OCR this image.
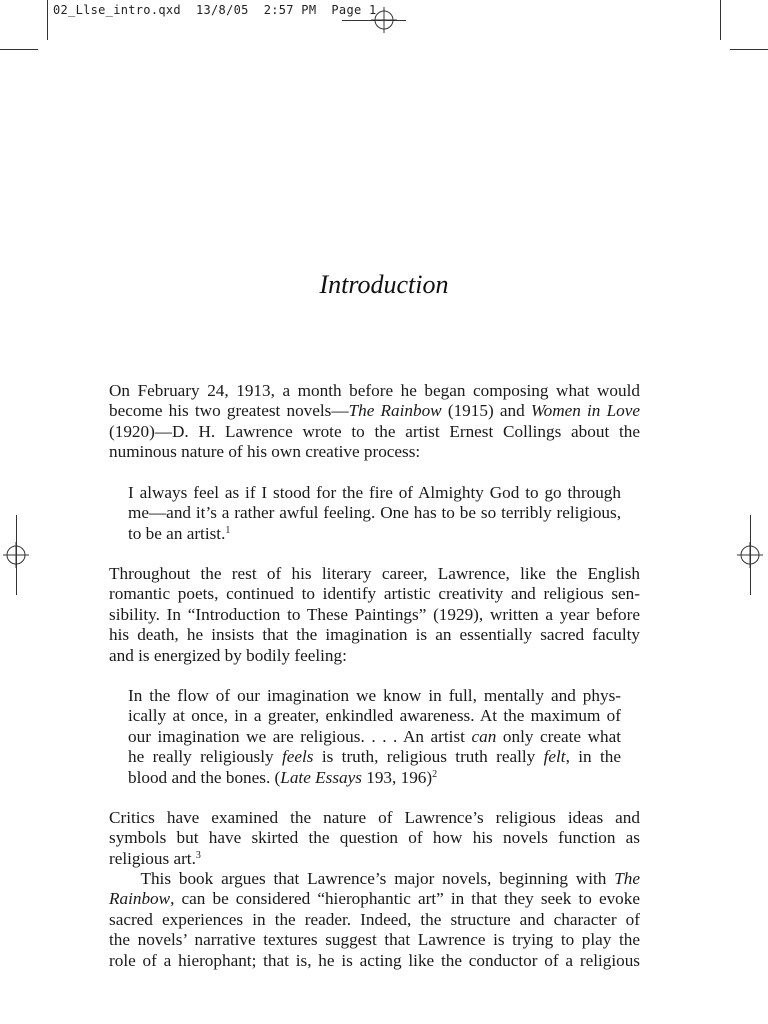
02_Llse_intro.qxd  13/8/05  2:57 PM  Page 1
Introduction
On February 24, 1913, a month before he began composing what would
become his two greatest novels—The Rainbow (1915) and Women in Love
(1920)—D. H. Lawrence wrote to the artist Ernest Collings about the
numinous nature of his own creative process:
I always feel as if I stood for the fire of Almighty God to go through
me—and it’s a rather awful feeling. One has to be so terribly religious,
to be an artist.$^1$
Throughout the rest of his literary career, Lawrence, like the English
romantic poets, continued to identify artistic creativity and religious sen-
sibility. In “Introduction to These Paintings” (1929), written a year before
his death, he insists that the imagination is an essentially sacred faculty
and is energized by bodily feeling:
In the flow of our imagination we know in full, mentally and phys-
ically at once, in a greater, enkindled awareness. At the maximum of
our imagination we are religious. . . . An artist can only create what
he really religiously feels is truth, religious truth really felt, in the
blood and the bones. (Late Essays 193, 196)$^2$
Critics have examined the nature of Lawrence’s religious ideas and
symbols but have skirted the question of how his novels function as
religious art.$^3$
This book argues that Lawrence’s major novels, beginning with The
Rainbow, can be considered “hierophantic art” in that they seek to evoke
sacred experiences in the reader. Indeed, the structure and character of
the novels’ narrative textures suggest that Lawrence is trying to play the
role of a hierophant; that is, he is acting like the conductor of a religious
